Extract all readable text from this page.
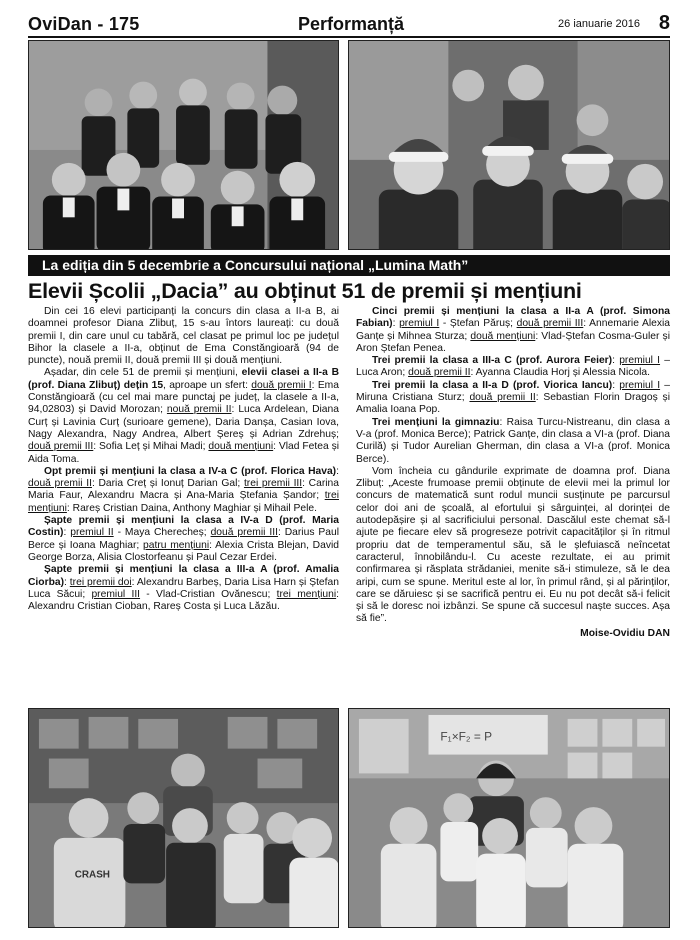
OviDan - 175	Performanță	26 ianuarie 2016 8
La ediția din 5 decembrie a Concursului național „Lumina Math”
Elevii Școlii „Dacia” au obținut 51 de premii și mențiuni

Din cei 16 elevi participanți la concurs din clasa a II-a B, ai doamnei profesor Diana Zlibuț, 15 s-au întors laureați: cu două premii I, din care unul cu tabără, cel clasat pe primul loc pe județul Bihor la clasele a II-a, obținut de Ema Constăngioară (94 de puncte), nouă premii II, două premii III și două mențiuni.

Așadar, din cele 51 de premii și mențiuni, elevii clasei a II-a B (prof. Diana Zlibuț) dețin 15, aproape un sfert: două premii I: Ema Constăngioară (cu cel mai mare punctaj pe județ, la clasele a II-a, 94,02803) și David Morozan; nouă premii II: Luca Ardelean, Diana Curț și Lavinia Curț (surioare gemene), Daria Danșa, Casian Iova, Nagy Alexandra, Nagy Andrea, Albert Șereș și Adrian Zdrehuș; două premii III: Sofia Leț și Mihai Madi; două mențiuni: Vlad Fetea și Aida Toma.

Opt premii și mențiuni la clasa a IV-a C (prof. Florica Hava): două premii II: Daria Creț și Ionuț Darian Gal; trei premii III: Carina Maria Faur, Alexandru Macra și Ana-Maria Ștefania Șandor; trei mențiuni: Rareș Cristian Daina, Anthony Maghiar și Mihail Pele.

Șapte premii și mențiuni la clasa a IV-a D (prof. Maria Costin): premiul II - Maya Cherecheș; două premii III: Darius Paul Berce și Ioana Maghiar; patru mențiuni: Alexia Crista Blejan, David George Borza, Alisia Clostorfeanu și Paul Cezar Erdei.

Șapte premii și mențiuni la clasa a III-a A (prof. Amalia Ciorba): trei premii doi: Alexandru Barbeș, Daria Lisa Harn și Ștefan Luca Săcui; premiul III - Vlad-Cristian Ovănescu; trei mențiuni: Alexandru Cristian Cioban, Rareș Costa și Luca Lăzău.

Cinci premii și mențiuni la clasa a II-a A (prof. Simona Fabian): premiul I - Ștefan Păruș; două premii III: Annemarie Alexia Ganțe și Mihnea Sturza; două mențiuni: Vlad-Ștefan Cosma-Guler și Aron Ștefan Penea.

Trei premii la clasa a III-a C (prof. Aurora Feier): premiul I – Luca Aron; două premii II: Ayanna Claudia Horj și Alessia Nicola.

Trei premii la clasa a II-a D (prof. Viorica Iancu): premiul I – Miruna Cristiana Sturz; două premii II: Sebastian Florin Dragoș și Amalia Ioana Pop.

Trei mențiuni la gimnaziu: Raisa Turcu-Nistreanu, din clasa a V-a (prof. Monica Berce); Patrick Ganțe, din clasa a VI-a (prof. Diana Curilă) și Tudor Aurelian Gherman, din clasa a VI-a (prof. Monica Berce).

Vom încheia cu gândurile exprimate de doamna prof. Diana Zlibuț: „Aceste frumoase premii obținute de elevii mei la primul lor concurs de matematică sunt rodul muncii susținute pe parcursul celor doi ani de școală, al efortului și sârguinței, al dorinței de autodepășire și al sacrificiului personal. Dascălul este chemat să-l ajute pe fiecare elev să progreseze potrivit capacităților și în ritmul propriu dat de temperamentul său, să le șlefuiască neîncetat caracterul, înnobilându-l. Cu aceste rezultate, ei au primit confirmarea și răsplata strădaniei, menite să-i stimuleze, să le dea aripi, cum se spune. Meritul este al lor, în primul rând, și al părinților, care se dăruiesc și se sacrifică pentru ei. Eu nu pot decât să-i felicit și să le doresc noi izbânzi. Se spune că succesul naște succes. Așa să fie”.

Moise-Ovidiu DAN

CRASH
F₁×F₂ = P
